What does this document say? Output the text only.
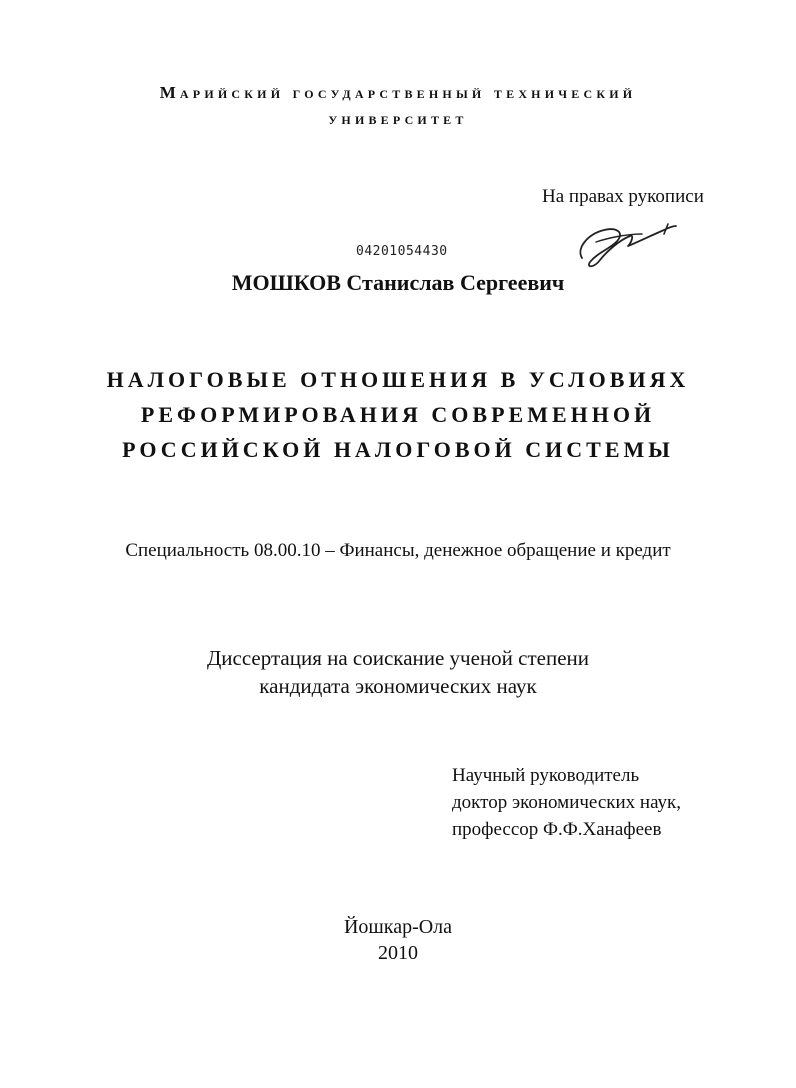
Марийский государственный технический
университет
На правах рукописи
04201054430
МОШКОВ Станислав Сергеевич
НАЛОГОВЫЕ ОТНОШЕНИЯ В УСЛОВИЯХ
РЕФОРМИРОВАНИЯ СОВРЕМЕННОЙ
РОССИЙСКОЙ НАЛОГОВОЙ СИСТЕМЫ
Специальность 08.00.10 – Финансы, денежное обращение и кредит
Диссертация на соискание ученой степени
кандидата экономических наук
Научный руководитель
доктор экономических наук,
профессор Ф.Ф.Ханафеев
Йошкар-Ола
2010
